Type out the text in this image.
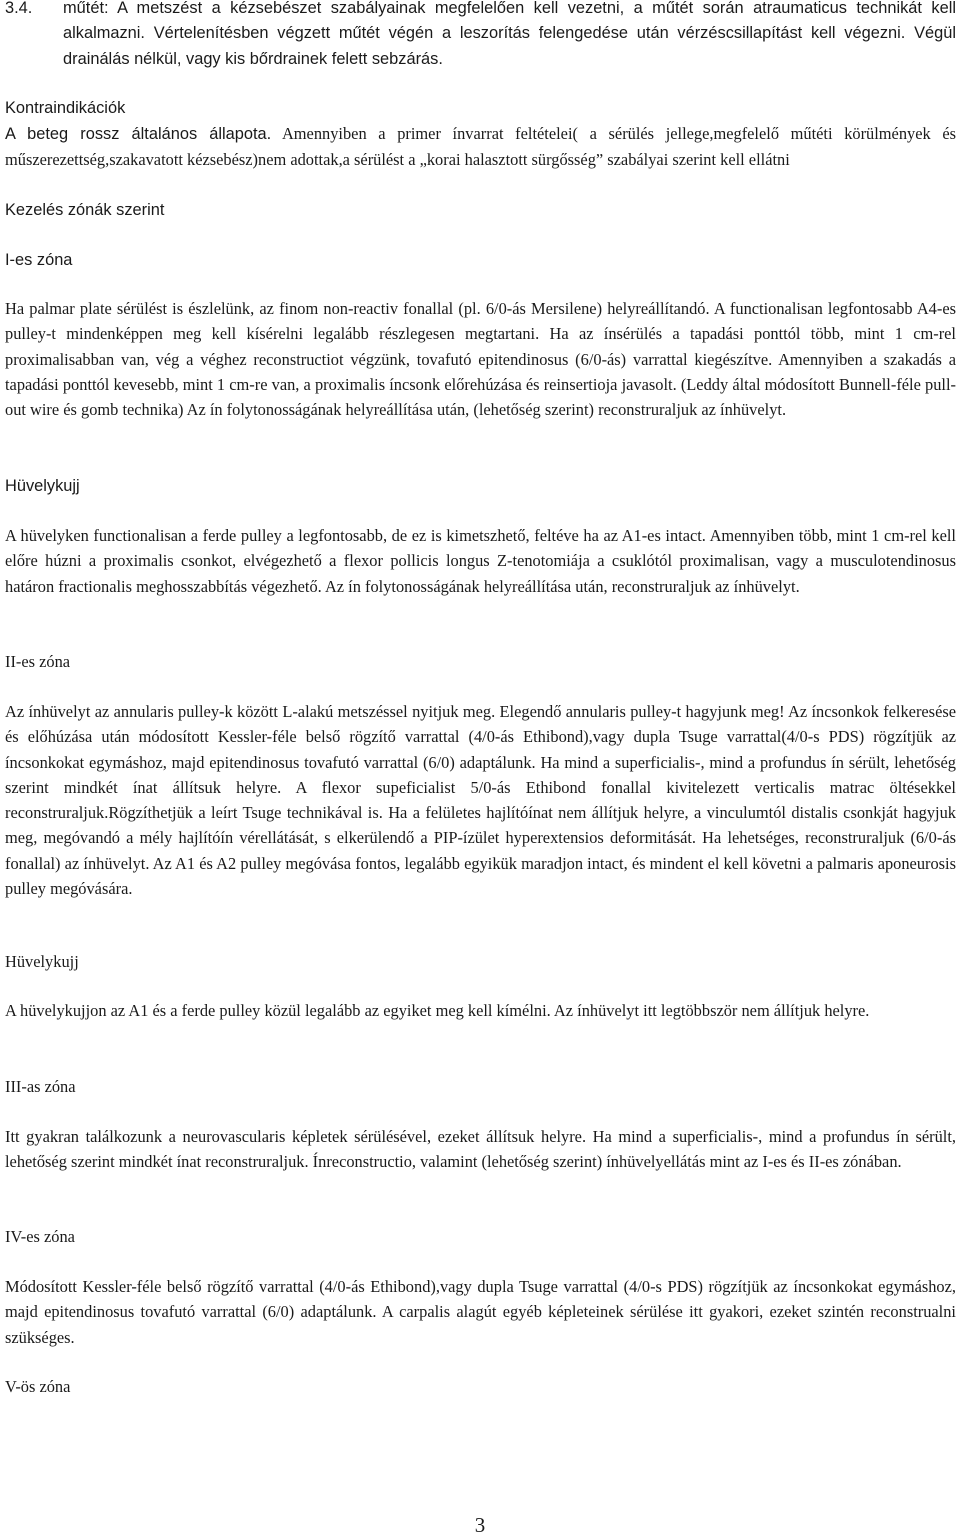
3.4. műtét: A metszést a kézsebészet szabályainak megfelelően kell vezetni, a műtét során atraumaticus technikát kell alkalmazni. Vértelenítésben végzett műtét végén a leszorítás felengedése után vérzéscsillapítást kell végezni. Végül drainálás nélkül, vagy kis bőrdrainek felett sebzárás.

Kontraindikációk

A beteg rossz általános állapota. Amennyiben a primer ínvarrat feltételei( a sérülés jellege,megfelelő műtéti körülmények és műszerezettség,szakavatott kézsebész)nem adottak,a sérülést a „korai halasztott sürgősség” szabályai szerint kell ellátni

Kezelés zónák szerint

I-es zóna

Ha palmar plate sérülést is észlelünk, az finom non-reactiv fonallal (pl. 6/0-ás Mersilene) helyreállítandó. A functionalisan legfontosabb A4-es pulley-t mindenképpen meg kell kísérelni legalább részlegesen megtartani. Ha az ínsérülés a tapadási ponttól több, mint 1 cm-rel proximalisabban van, vég a véghez reconstructiot végzünk, tovafutó epitendinosus (6/0-ás) varrattal kiegészítve. Amennyiben a szakadás a tapadási ponttól kevesebb, mint 1 cm-re van, a proximalis íncsonk előrehúzása és reinsertioja javasolt. (Leddy által módosított Bunnell-féle pull-out wire és gomb technika) Az ín folytonosságának helyreállítása után, (lehetőség szerint) reconstruraljuk az ínhüvelyt.

Hüvelykujj

A hüvelyken functionalisan a ferde pulley a legfontosabb, de ez is kimetszhető, feltéve ha az A1-es intact. Amennyiben több, mint 1 cm-rel kell előre húzni a proximalis csonkot, elvégezhető a flexor pollicis longus Z-tenotomiája a csuklótól proximalisan, vagy a musculotendinosus határon fractionalis meghosszabbítás végezhető. Az ín folytonosságának helyreállítása után, reconstruraljuk az ínhüvelyt.

II-es zóna

Az ínhüvelyt az annularis pulley-k között L-alakú metszéssel nyitjuk meg. Elegendő annularis pulley-t hagyjunk meg! Az íncsonkok felkeresése és előhúzása után módosított Kessler-féle belső rögzítő varrattal (4/0-ás Ethibond),vagy dupla Tsuge varrattal(4/0-s PDS) rögzítjük az íncsonkokat egymáshoz, majd epitendinosus tovafutó varrattal (6/0) adaptálunk. Ha mind a superficialis-, mind a profundus ín sérült, lehetőség szerint mindkét ínat állítsuk helyre. A flexor supeficialist 5/0-ás Ethibond fonallal kivitelezett verticalis matrac öltésekkel reconstruraljuk.Rögzíthetjük a leírt Tsuge technikával is. Ha a felületes hajlítóínat nem állítjuk helyre, a vinculumtól distalis csonkját hagyjuk meg, megóvandó a mély hajlítóín vérellátását, s elkerülendő a PIP-ízület hyperextensios deformitását. Ha lehetséges, reconstruraljuk (6/0-ás fonallal) az ínhüvelyt. Az A1 és A2 pulley megóvása fontos, legalább egyikük maradjon intact, és mindent el kell követni a palmaris aponeurosis pulley megóvására.

Hüvelykujj

A hüvelykujjon az A1 és a ferde pulley közül legalább az egyiket meg kell kímélni. Az ínhüvelyt itt legtöbbször nem állítjuk helyre.

III-as zóna

Itt gyakran találkozunk a neurovascularis képletek sérülésével, ezeket állítsuk helyre. Ha mind a superficialis-, mind a profundus ín sérült, lehetőség szerint mindkét ínat reconstruraljuk. Ínreconstructio, valamint (lehetőség szerint) ínhüvelyellátás mint az I-es és II-es zónában.

IV-es zóna

Módosított Kessler-féle belső rögzítő varrattal (4/0-ás Ethibond),vagy dupla Tsuge varrattal (4/0-s PDS) rögzítjük az íncsonkokat egymáshoz, majd epitendinosus tovafutó varrattal (6/0) adaptálunk. A carpalis alagút egyéb képleteinek sérülése itt gyakori, ezeket szintén reconstrualni szükséges.

V-ös zóna

3
